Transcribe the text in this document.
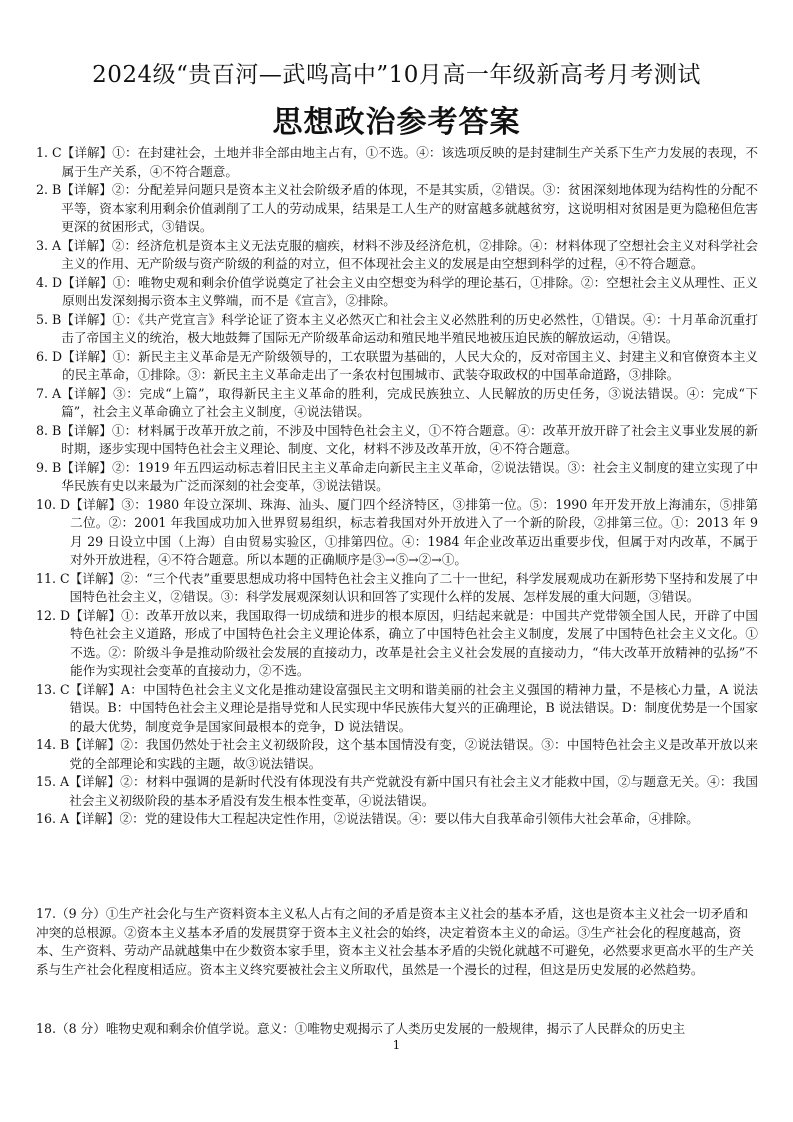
2024级“贵百河—武鸣高中”10月高一年级新高考月考测试
思想政治参考答案
1. C 【详解】①：在封建社会，土地并非全部由地主占有，①不选。④：该选项反映的是封建制生产关系下生产力发展的表现，不属于生产关系，④不符合题意。
2. B 【详解】②：分配差异问题只是资本主义社会阶级矛盾的体现，不是其实质，②错误。③：贫困深刻地体现为结构性的分配不平等，资本家利用剩余价值剥削了工人的劳动成果，结果是工人生产的财富越多就越贫穷，这说明相对贫困是更为隐秘但危害更深的贫困形式，③错误。
3. A 【详解】②：经济危机是资本主义无法克服的痼疾，材料不涉及经济危机，②排除。④：材料体现了空想社会主义对科学社会主义的作用、无产阶级与资产阶级的利益的对立，但不体现社会主义的发展是由空想到科学的过程，④不符合题意。
4. D 【详解】①：唯物史观和剩余价值学说奠定了社会主义由空想变为科学的理论基石，①排除。②：空想社会主义从理性、正义原则出发深刻揭示资本主义弊端，而不是《宣言》，②排除。
5. B 【详解】①：《共产党宣言》科学论证了资本主义必然灭亡和社会主义必然胜利的历史必然性，①错误。④：十月革命沉重打击了帝国主义的统治，极大地鼓舞了国际无产阶级革命运动和殖民地半殖民地被压迫民族的解放运动，④错误。
6. D 【详解】①：新民主主义革命是无产阶级领导的，工农联盟为基础的，人民大众的，反对帝国主义、封建主义和官僚资本主义的民主革命，①排除。③：新民主主义革命走出了一条农村包围城市、武装夺取政权的中国革命道路，③排除。
7. A 【详解】③：完成“上篇”，取得新民主主义革命的胜利，完成民族独立、人民解放的历史任务，③说法错误。④：完成“下篇”，社会主义革命确立了社会主义制度，④说法错误。
8. B 【详解】①：材料属于改革开放之前，不涉及中国特色社会主义，①不符合题意。④：改革开放开辟了社会主义事业发展的新时期，逐步实现中国特色社会主义理论、制度、文化，材料不涉及改革开放，④不符合题意。
9. B 【详解】②：1919 年五四运动标志着旧民主主义革命走向新民主主义革命，②说法错误。③：社会主义制度的建立实现了中华民族有史以来最为广泛而深刻的社会变革，③说法错误。
10. D 【详解】③：1980 年设立深圳、珠海、汕头、厦门四个经济特区，③排第一位。⑤：1990 年开发开放上海浦东，⑤排第二位。②：2001 年我国成功加入世界贸易组织，标志着我国对外开放进入了一个新的阶段，②排第三位。①：2013 年 9 月 29 日设立中国（上海）自由贸易实验区，①排第四位。④：1984 年企业改革迈出重要步伐，但属于对内改革，不属于对外开放进程，④不符合题意。所以本题的正确顺序是③→⑤→②→①。
11. C 【详解】②：“三个代表”重要思想成功将中国特色社会主义推向了二十一世纪，科学发展观成功在新形势下坚持和发展了中国特色社会主义，②错误。③：科学发展观深刻认识和回答了实现什么样的发展、怎样发展的重大问题，③错误。
12. D 【详解】①：改革开放以来，我国取得一切成绩和进步的根本原因，归结起来就是：中国共产党带领全国人民，开辟了中国特色社会主义道路，形成了中国特色社会主义理论体系，确立了中国特色社会主义制度，发展了中国特色社会主义文化。①不选。②：阶级斗争是推动阶级社会发展的直接动力，改革是社会主义社会发展的直接动力，“伟大改革开放精神的弘扬”不能作为实现社会变革的直接动力，②不选。
13. C 【详解】A：中国特色社会主义文化是推动建设富强民主文明和谐美丽的社会主义强国的精神力量，不是核心力量，A 说法错误。B：中国特色社会主义理论是指导党和人民实现中华民族伟大复兴的正确理论，B 说法错误。D：制度优势是一个国家的最大优势，制度竞争是国家间最根本的竞争，D 说法错误。
14. B 【详解】②：我国仍然处于社会主义初级阶段，这个基本国情没有变，②说法错误。③：中国特色社会主义是改革开放以来党的全部理论和实践的主题，故③说法错误。
15. A 【详解】②：材料中强调的是新时代没有体现没有共产党就没有新中国只有社会主义才能救中国，②与题意无关。④：我国社会主义初级阶段的基本矛盾没有发生根本性变革，④说法错误。
16. A 【详解】②：党的建设伟大工程起决定性作用，②说法错误。④：要以伟大自我革命引领伟大社会革命，④排除。
17.（9 分）①生产社会化与生产资料资本主义私人占有之间的矛盾是资本主义社会的基本矛盾，这也是资本主义社会一切矛盾和冲突的总根源。②资本主义基本矛盾的发展贯穿于资本主义社会的始终，决定着资本主义的命运。③生产社会化的程度越高，资本、生产资料、劳动产品就越集中在少数资本家手里，资本主义社会基本矛盾的尖锐化就越不可避免，必然要求更高水平的生产关系与生产社会化程度相适应。资本主义终究要被社会主义所取代，虽然是一个漫长的过程，但这是历史发展的必然趋势。
18.（8 分）唯物史观和剩余价值学说。意义：①唯物史观揭示了人类历史发展的一般规律，揭示了人民群众的历史主
1
